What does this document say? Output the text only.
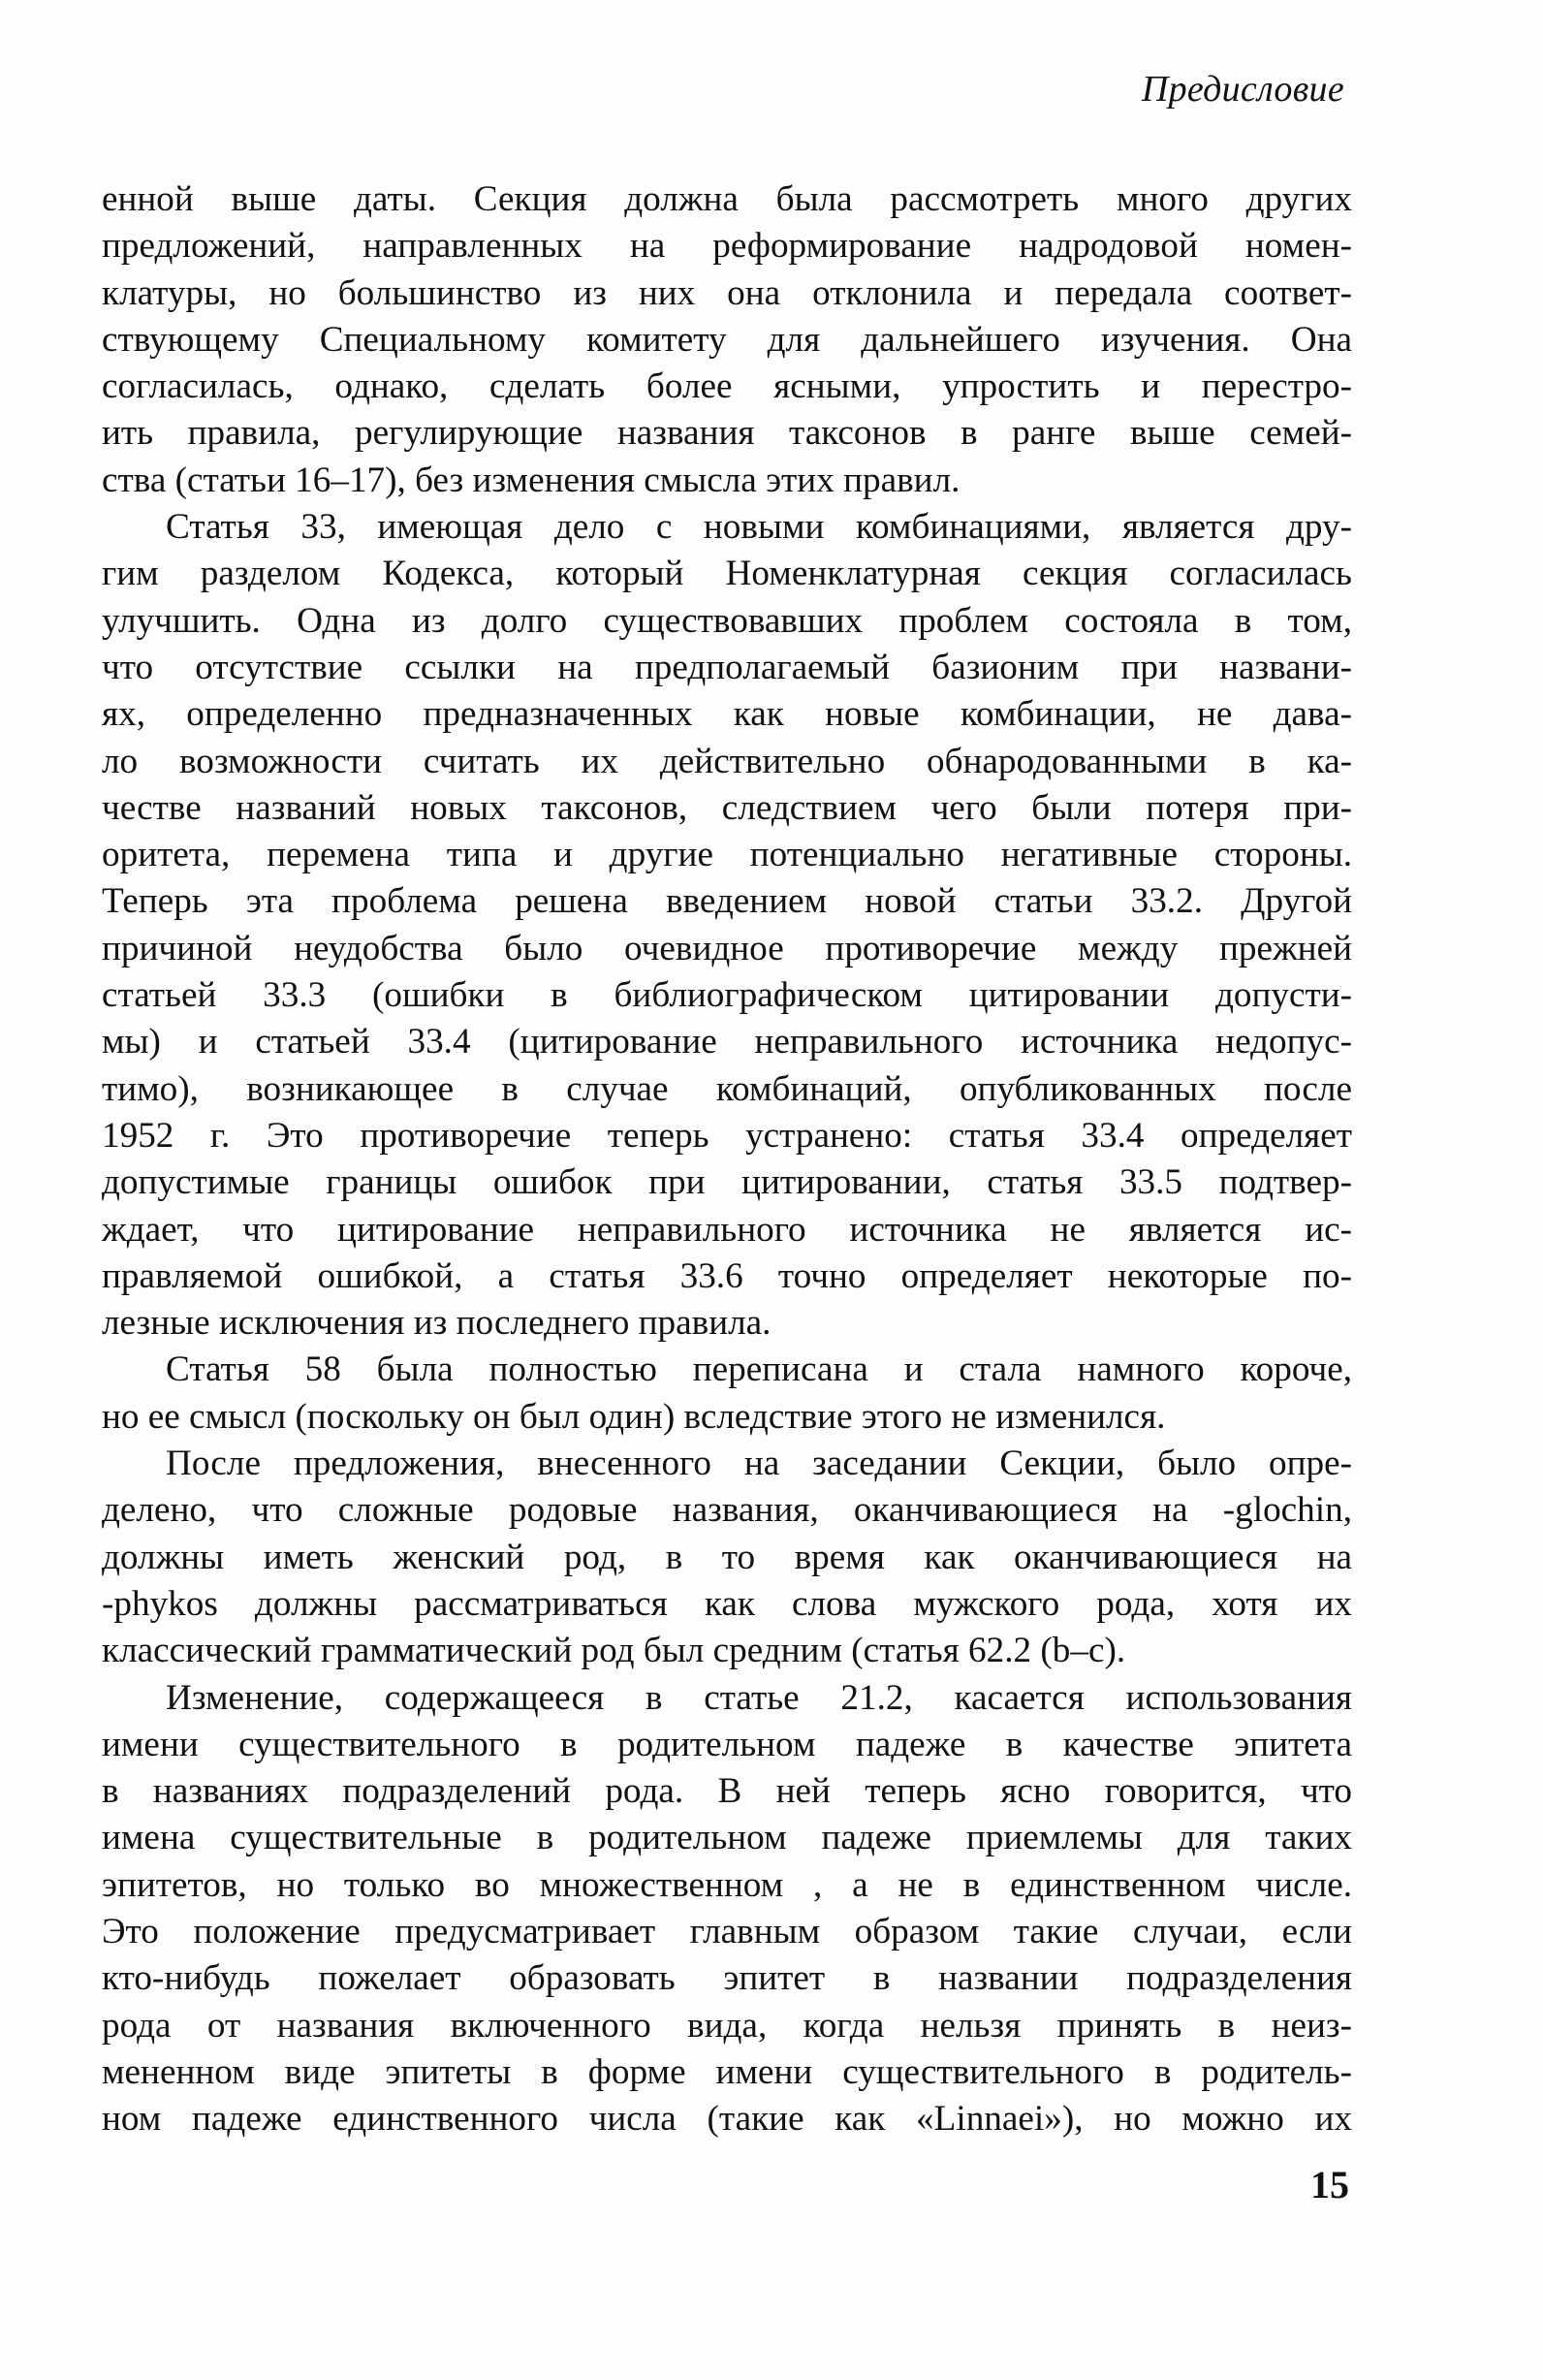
Предисловие

енной выше даты. Секция должна была рассмотреть много других
предложений, направленных на реформирование надродовой номен-
клатуры, но большинство из них она отклонила и передала соответ-
ствующему Специальному комитету для дальнейшего изучения. Она
согласилась, однако, сделать более ясными, упростить и перестро-
ить правила, регулирующие названия таксонов в ранге выше семей-
ства (статьи 16–17), без изменения смысла этих правил.

Статья 33, имеющая дело с новыми комбинациями, является дру-
гим разделом Кодекса, который Номенклатурная секция согласилась
улучшить. Одна из долго существовавших проблем состояла в том,
что отсутствие ссылки на предполагаемый базионим при названи-
ях, определенно предназначенных как новые комбинации, не дава-
ло возможности считать их действительно обнародованными в ка-
честве названий новых таксонов, следствием чего были потеря при-
оритета, перемена типа и другие потенциально негативные стороны.
Теперь эта проблема решена введением новой статьи 33.2. Другой
причиной неудобства было очевидное противоречие между прежней
статьей 33.3 (ошибки в библиографическом цитировании допусти-
мы) и статьей 33.4 (цитирование неправильного источника недопус-
тимо), возникающее в случае комбинаций, опубликованных после
1952 г. Это противоречие теперь устранено: статья 33.4 определяет
допустимые границы ошибок при цитировании, статья 33.5 подтвер-
ждает, что цитирование неправильного источника не является ис-
правляемой ошибкой, а статья 33.6 точно определяет некоторые по-
лезные исключения из последнего правила.

Статья 58 была полностью переписана и стала намного короче,
но ее смысл (поскольку он был один) вследствие этого не изменился.

После предложения, внесенного на заседании Секции, было опре-
делено, что сложные родовые названия, оканчивающиеся на -glochin,
должны иметь женский род, в то время как оканчивающиеся на
-phykos должны рассматриваться как слова мужского рода, хотя их
классический грамматический род был средним (статья 62.2 (b–c).

Изменение, содержащееся в статье 21.2, касается использования
имени существительного в родительном падеже в качестве эпитета
в названиях подразделений рода. В ней теперь ясно говорится, что
имена существительные в родительном падеже приемлемы для таких
эпитетов, но только во множественном , а не в единственном числе.
Это положение предусматривает главным образом такие случаи, если
кто-нибудь пожелает образовать эпитет в названии подразделения
рода от названия включенного вида, когда нельзя принять в неиз-
мененном виде эпитеты в форме имени существительного в родитель-
ном падеже единственного числа (такие как «Linnaei»), но можно их

15
